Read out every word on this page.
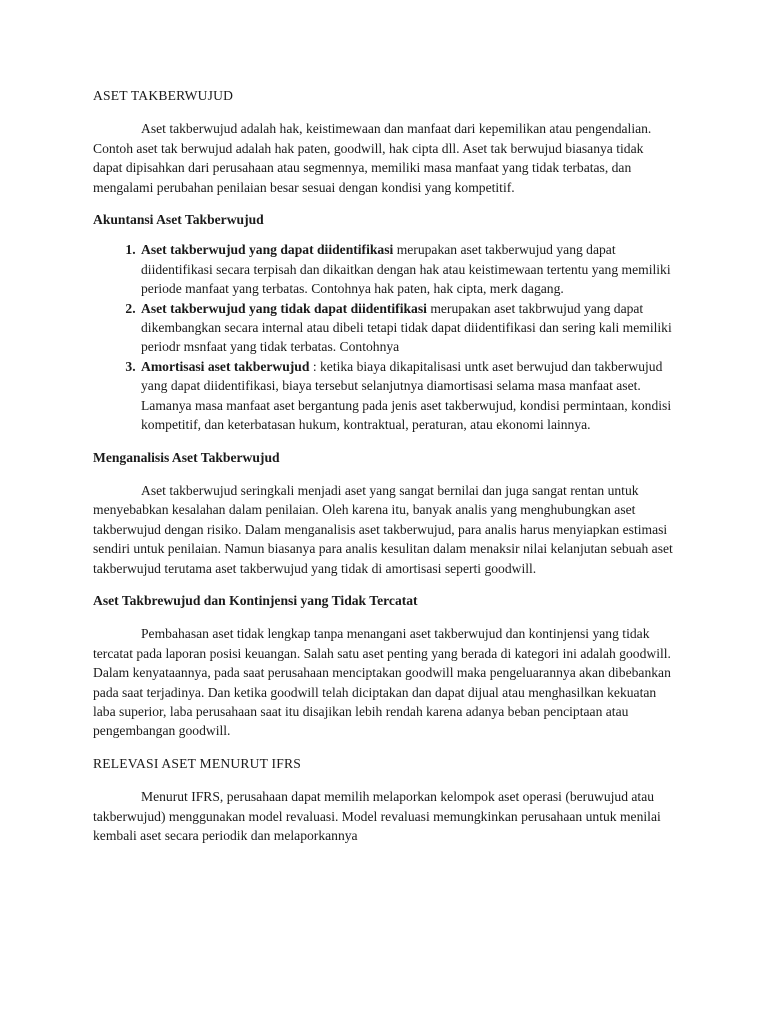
ASET TAKBERWUJUD

Aset takberwujud adalah hak, keistimewaan dan manfaat dari kepemilikan atau pengendalian. Contoh aset tak berwujud adalah hak paten, goodwill, hak cipta dll. Aset tak berwujud biasanya tidak dapat dipisahkan dari perusahaan atau segmennya, memiliki masa manfaat yang tidak terbatas, dan mengalami perubahan penilaian besar sesuai dengan kondisi yang kompetitif.

Akuntansi Aset Takberwujud
1. Aset takberwujud yang dapat diidentifikasi merupakan aset takberwujud yang dapat diidentifikasi secara terpisah dan dikaitkan dengan hak atau keistimewaan tertentu yang memiliki periode manfaat yang terbatas. Contohnya hak paten, hak cipta, merk dagang.
2. Aset takberwujud yang tidak dapat diidentifikasi merupakan aset takbrwujud yang dapat dikembangkan secara internal atau dibeli tetapi tidak dapat diidentifikasi dan sering kali memiliki periodr msnfaat yang tidak terbatas. Contohnya
3. Amortisasi aset takberwujud : ketika biaya dikapitalisasi untk aset berwujud dan takberwujud yang dapat diidentifikasi, biaya tersebut selanjutnya diamortisasi selama masa manfaat aset. Lamanya masa manfaat aset bergantung pada jenis aset takberwujud, kondisi permintaan, kondisi kompetitif, dan keterbatasan hukum, kontraktual, peraturan, atau ekonomi lainnya.
Menganalisis Aset Takberwujud

Aset takberwujud seringkali menjadi aset yang sangat bernilai dan juga sangat rentan untuk menyebabkan kesalahan dalam penilaian. Oleh karena itu, banyak analis yang menghubungkan aset takberwujud dengan risiko. Dalam menganalisis aset takberwujud, para analis harus menyiapkan estimasi sendiri untuk penilaian. Namun biasanya para analis kesulitan dalam menaksir nilai kelanjutan sebuah aset takberwujud terutama aset takberwujud yang tidak di amortisasi seperti goodwill.

Aset Takbrewujud dan Kontinjensi yang Tidak Tercatat

Pembahasan aset tidak lengkap tanpa menangani aset takberwujud dan kontinjensi yang tidak tercatat pada laporan posisi keuangan. Salah satu aset penting yang berada di kategori ini adalah goodwill. Dalam kenyataannya, pada saat perusahaan menciptakan goodwill maka pengeluarannya akan dibebankan pada saat terjadinya. Dan ketika goodwill telah diciptakan dan dapat dijual atau menghasilkan kekuatan laba superior, laba perusahaan saat itu disajikan lebih rendah karena adanya beban penciptaan atau pengembangan goodwill.

RELEVASI ASET MENURUT IFRS

Menurut IFRS, perusahaan dapat memilih melaporkan kelompok aset operasi (beruwujud atau takberwujud) menggunakan model revaluasi. Model revaluasi memungkinkan perusahaan untuk menilai kembali aset secara periodik dan melaporkannya
